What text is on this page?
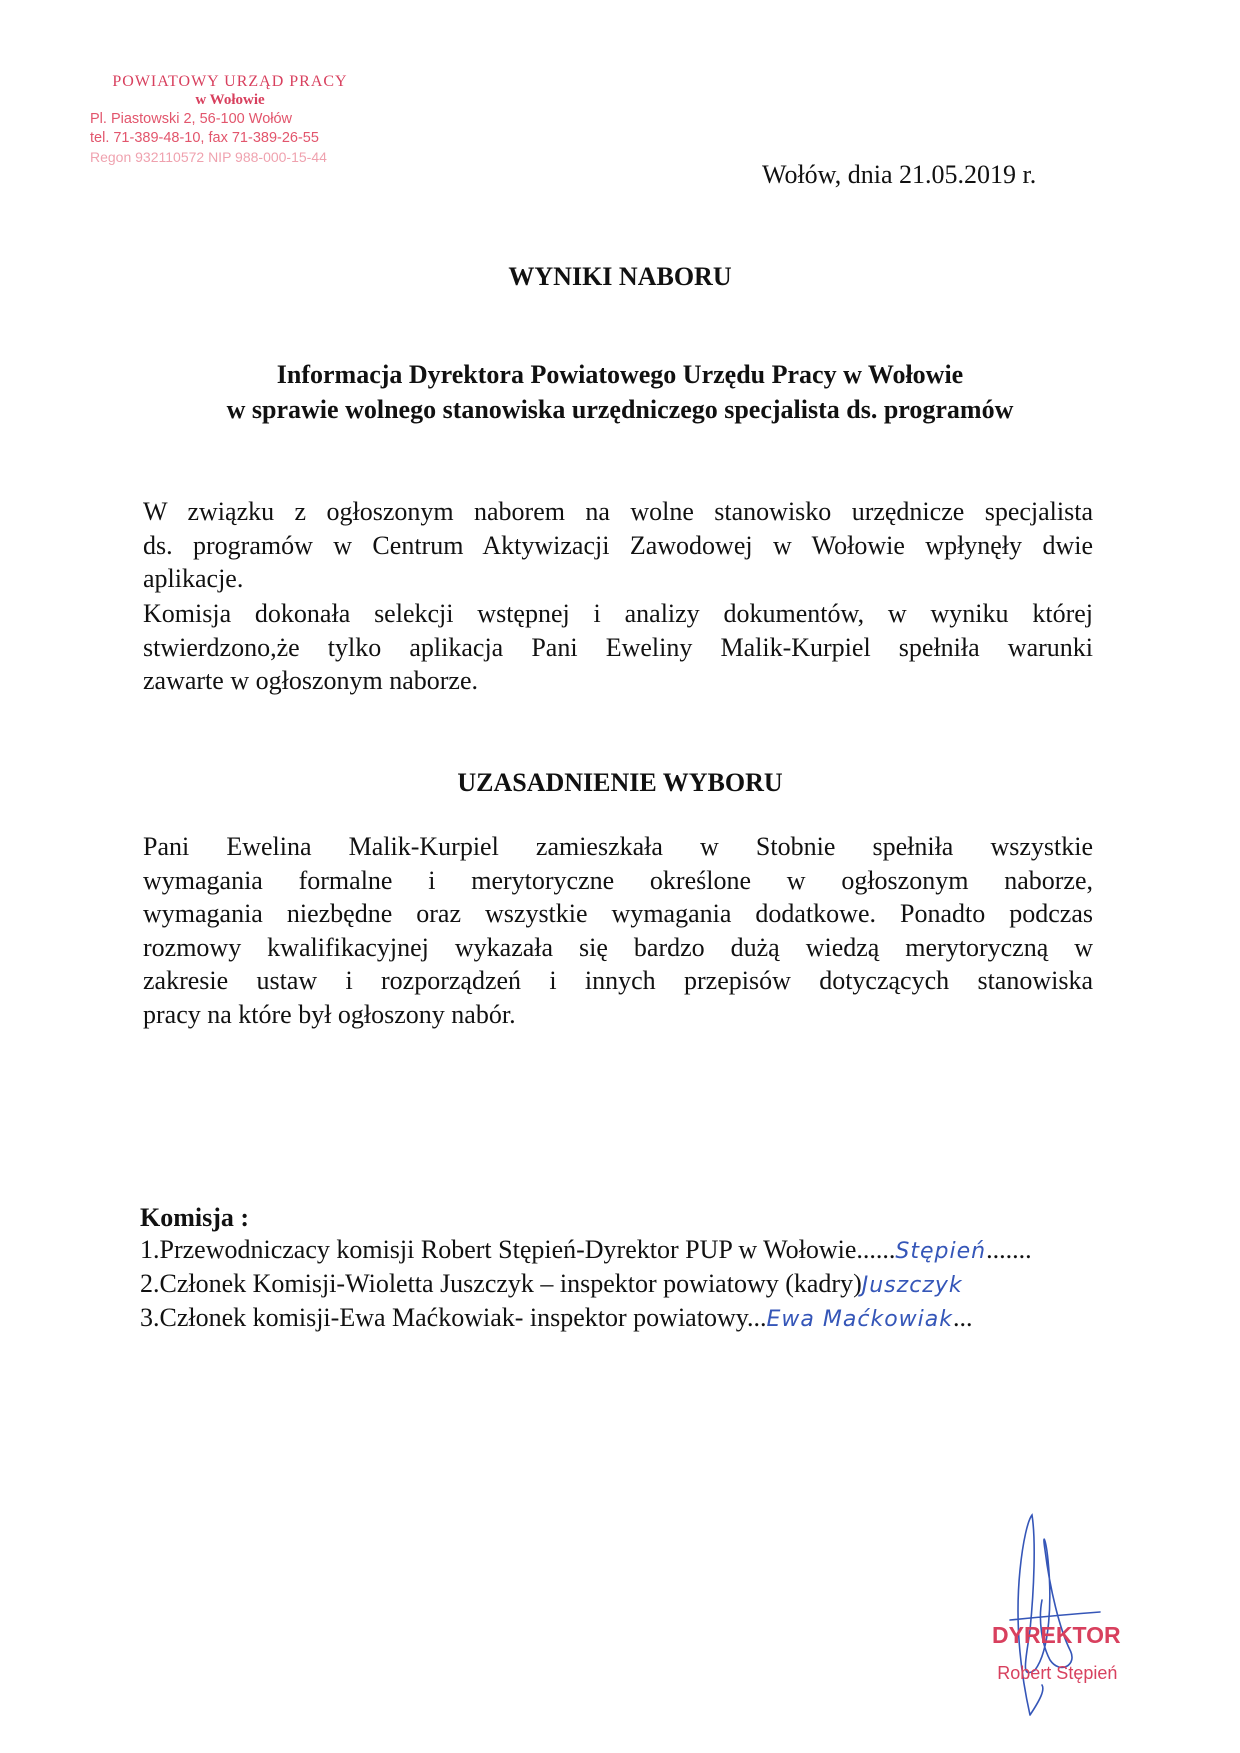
POWIATOWY URZĄD PRACY
w Wołowie
Pl. Piastowski 2, 56-100 Wołów
tel. 71-389-48-10, fax 71-389-26-55
Regon 932110572 NIP 988-000-15-44
Wołów, dnia 21.05.2019 r.
WYNIKI NABORU
Informacja Dyrektora Powiatowego Urzędu Pracy w Wołowie
w sprawie wolnego stanowiska urzędniczego specjalista ds. programów
W związku z ogłoszonym naborem na wolne stanowisko urzędnicze specjalista
ds. programów w Centrum Aktywizacji Zawodowej w Wołowie wpłynęły dwie
aplikacje.
Komisja dokonała selekcji wstępnej i analizy dokumentów, w wyniku której
stwierdzono,że tylko aplikacja Pani Eweliny Malik-Kurpiel spełniła warunki
zawarte w ogłoszonym naborze.
UZASADNIENIE WYBORU
Pani Ewelina Malik-Kurpiel zamieszkała w Stobnie spełniła wszystkie
wymagania formalne i merytoryczne określone w ogłoszonym naborze,
wymagania niezbędne oraz wszystkie wymagania dodatkowe. Ponadto podczas
rozmowy kwalifikacyjnej wykazała się bardzo dużą wiedzą merytoryczną w
zakresie ustaw i rozporządzeń i innych przepisów dotyczących stanowiska
pracy na które był ogłoszony nabór.
Komisja :
1.Przewodniczacy komisji Robert Stępień-Dyrektor PUP w Wołowie......Stępień.......
2.Członek Komisji-Wioletta Juszczyk – inspektor powiatowy (kadry)Juszczyk
3.Członek komisji-Ewa Maćkowiak- inspektor powiatowy...Ewa Maćkowiak...
DYREKTOR
Robert Stępień
